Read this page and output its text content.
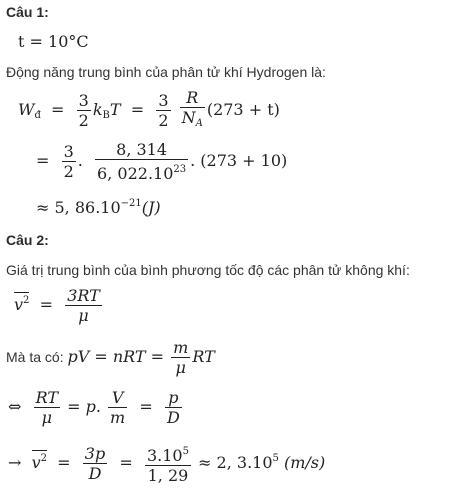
Câu 1:
t = 10°C
Động năng trung bình của phân tử khí Hydrogen là:
$W_đ = \frac{3}{2} k_BT = \frac{3}{2}$
$\frac{R}{N_A} (273 + t)$
= $\frac{3}{2}$ . $\frac{8, 314}{6, 022.10^{23}}$ . (273 + 10)
≈ 5, $86.10^{-21}(J)$
Câu 2:
Giá trị trung bình của bình phương tốc độ các phân tử không khí:
$v^2 = \frac{3RT}{\mu}$
Mà ta có: pV = nRT = $\frac{m}{\mu}$ RT
⇔ $\frac{RT}{\mu} = p$. $\frac{V}{m} = \frac{p}{D}$
→ $v^2 = \frac{3p}{D} = \frac{3.10^5}{1, 29} \approx 2$, 3.10$^5$ (m/s)
